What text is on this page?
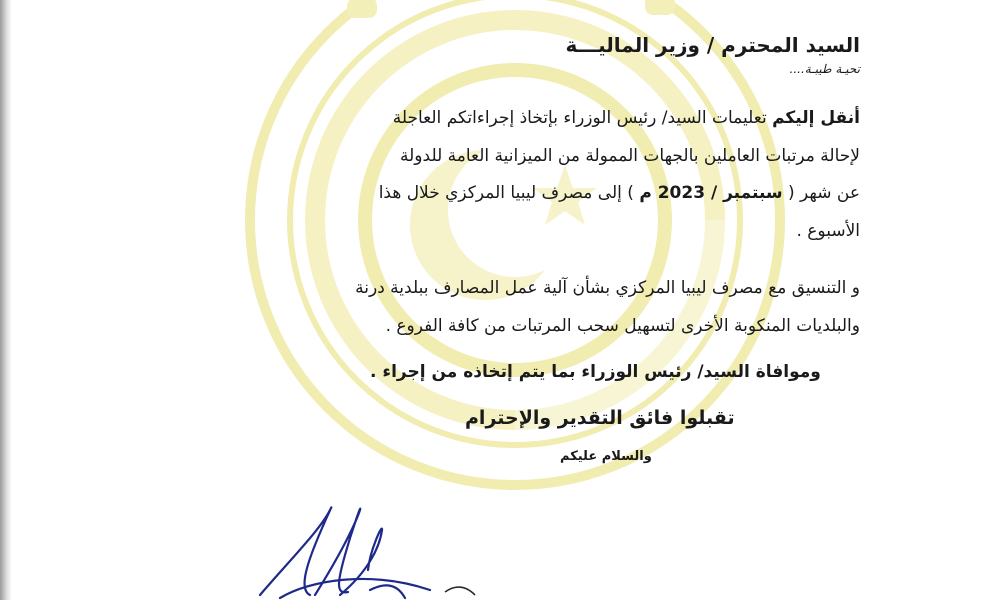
السيد المحترم / وزير الماليـــة

تحيـة طيبـة....

أنقل إليكم تعليمات السيد/ رئيس الوزراء بإتخاذ إجراءاتكم العاجلة
لإحالة مرتبات العاملين بالجهات الممولة من الميزانية العامة للدولة
عن شهر ( سبتمبر / 2023 م ) إلى مصرف ليبيا المركزي خلال هذا
الأسبوع .
و التنسيق مع مصرف ليبيا المركزي بشأن آلية عمل المصارف ببلدية درنة
والبلديات المنكوبة الأخرى لتسهيل سحب المرتبات من كافة الفروع .
وموافاة السيد/ رئيس الوزراء بما يتم إتخاذه من إجراء .
تقبلوا فائق التقدير والإحترام
والسلام عليكم
